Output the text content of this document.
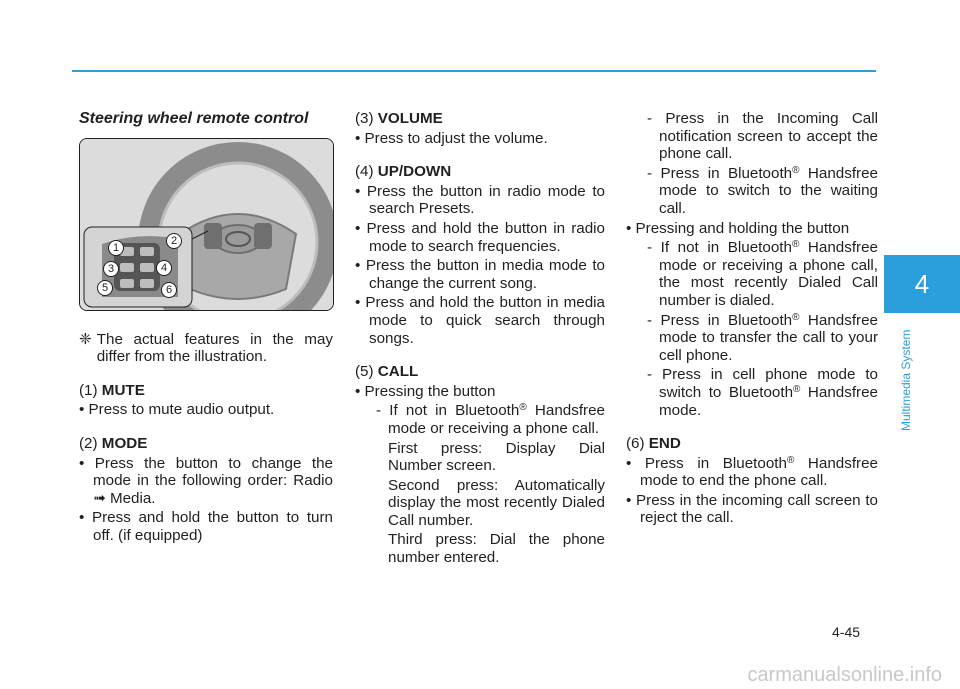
4
Multimedia System
Steering wheel remote control
1
2
3	4
5	6
❈ The actual features in the may differ from the illustration.
(1) MUTE
• Press to mute audio output.
(2) MODE
• Press the button to change the mode in the following order: Radio ➟ Media.
• Press and hold the button to turn off. (if equipped)
(3) VOLUME
• Press to adjust the volume.
(4) UP/DOWN
• Press the button in radio mode to search Presets.
• Press and hold the button in radio mode to search frequencies.
• Press the button in media mode to change the current song.
• Press and hold the button in media mode to quick search through songs.
(5) CALL
• Pressing the button
- If not in Bluetooth® Handsfree mode or receiving a phone call.
First press: Display Dial Number screen.
Second press: Automatically display the most recently Dialed Call number.
Third press: Dial the phone number entered.
- Press in the Incoming Call notification screen to accept the phone call.
- Press in Bluetooth® Handsfree mode to switch to the waiting call.
• Pressing and holding the button
- If not in Bluetooth® Handsfree mode or receiving a phone call, the most recently Dialed Call number is dialed.
- Press in Bluetooth® Handsfree mode to transfer the call to your cell phone.
- Press in cell phone mode to switch to Bluetooth® Handsfree mode.
(6) END
• Press in Bluetooth® Handsfree mode to end the phone call.
• Press in the incoming call screen to reject the call.
4-45
carmanualsonline.info
